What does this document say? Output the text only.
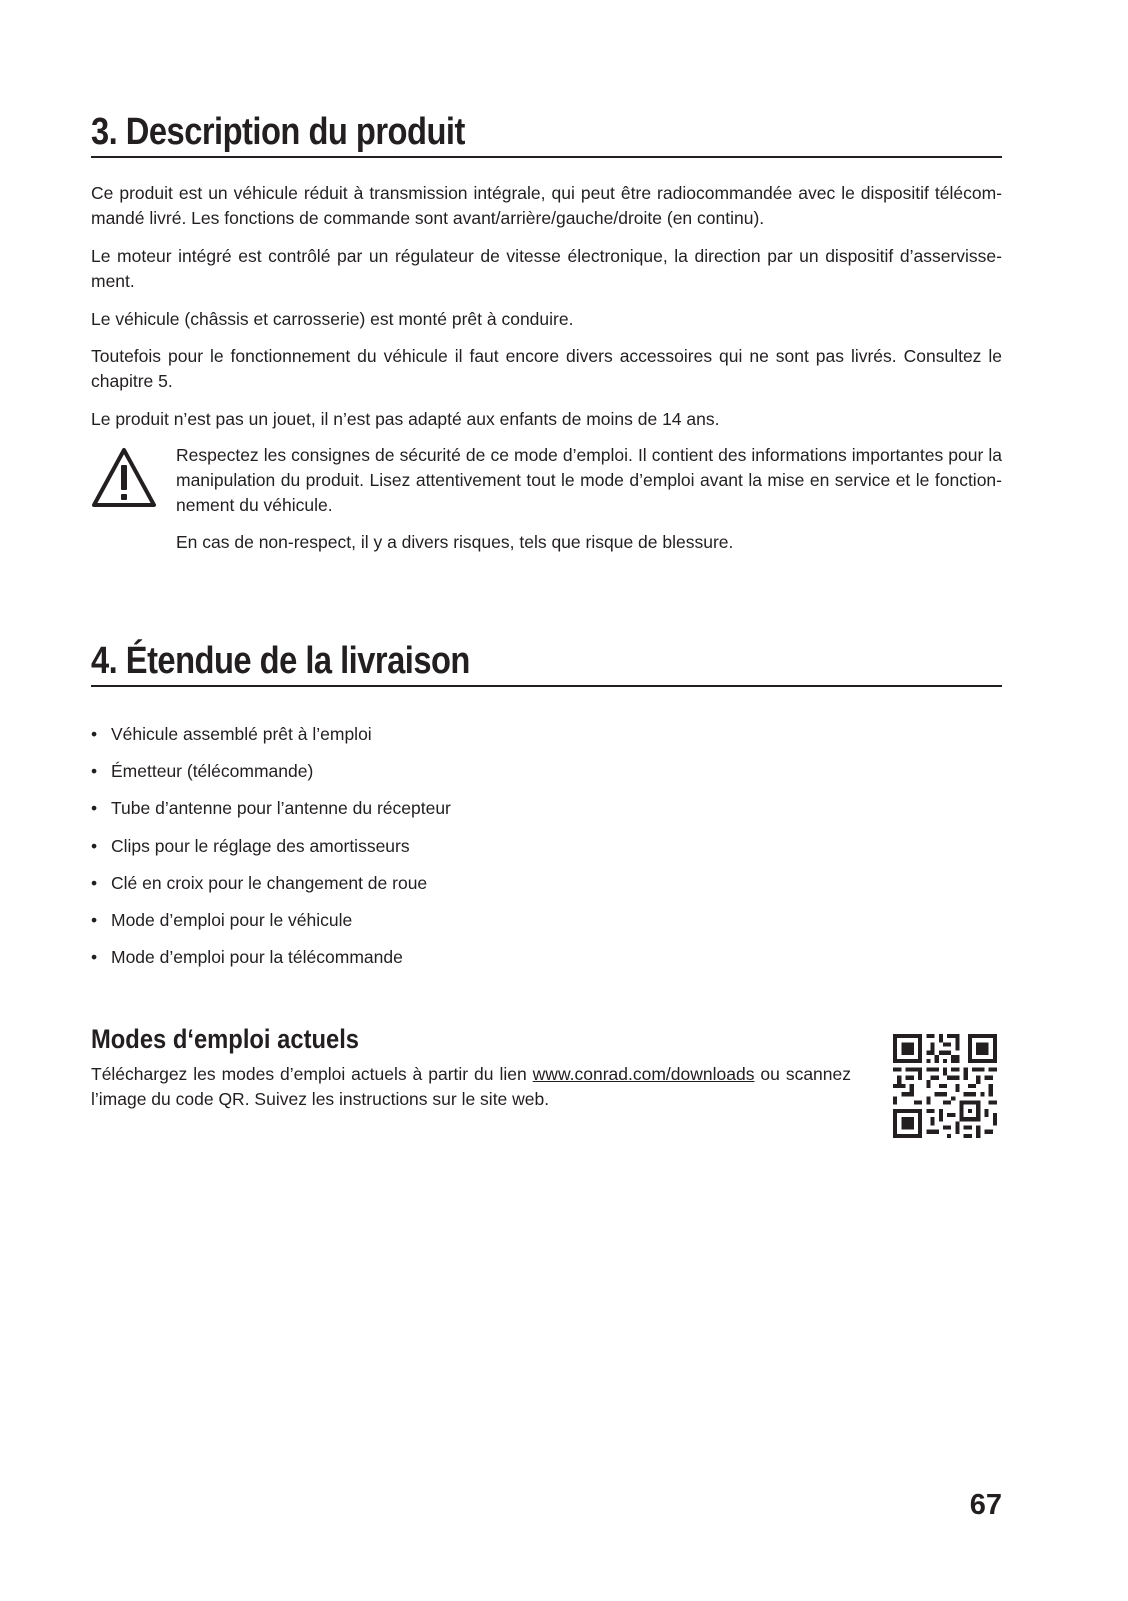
3. Description du produit

Ce produit est un véhicule réduit à transmission intégrale, qui peut être radiocommandée avec le dispositif télécommandé livré. Les fonctions de commande sont avant/arrière/gauche/droite (en continu).

Le moteur intégré est contrôlé par un régulateur de vitesse électronique, la direction par un dispositif d’asservissement.

Le véhicule (châssis et carrosserie) est monté prêt à conduire.

Toutefois pour le fonctionnement du véhicule il faut encore divers accessoires qui ne sont pas livrés. Consultez le chapitre 5.

Le produit n’est pas un jouet, il n’est pas adapté aux enfants de moins de 14 ans.

Respectez les consignes de sécurité de ce mode d’emploi. Il contient des informations importantes pour la manipulation du produit. Lisez attentivement tout le mode d’emploi avant la mise en service et le fonctionnement du véhicule.

En cas de non-respect, il y a divers risques, tels que risque de blessure.

4. Étendue de la livraison
• Véhicule assemblé prêt à l’emploi
• Émetteur (télécommande)
• Tube d’antenne pour l’antenne du récepteur
• Clips pour le réglage des amortisseurs
• Clé en croix pour le changement de roue
• Mode d’emploi pour le véhicule
• Mode d’emploi pour la télécommande
Modes d‘emploi actuels

Téléchargez les modes d’emploi actuels à partir du lien www.conrad.com/downloads ou scannez l’image du code QR. Suivez les instructions sur le site web.

67
